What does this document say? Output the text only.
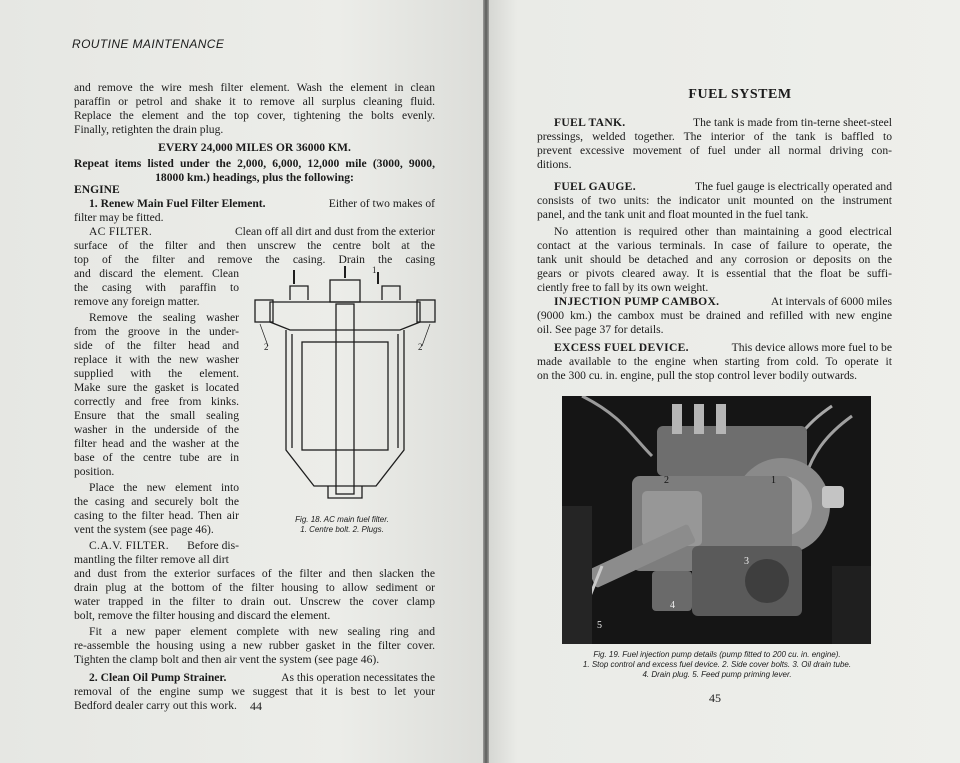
ROUTINE MAINTENANCE

and remove the wire mesh filter element. Wash the element in clean

paraffin or petrol and shake it to remove all surplus cleaning fluid.

Replace the element and the top cover, tightening the bolts evenly.

Finally, retighten the drain plug.

EVERY 24,000 MILES OR 36000 KM.

Repeat items listed under the 2,000, 6,000, 12,000 mile (3000, 9000,

18000 km.) headings, plus the following:

ENGINE

1. Renew Main Fuel Filter Element.	Either of two makes of

filter may be fitted.

AC FILTER.	Clean off all dirt and dust from the exterior

surface of the filter and then unscrew the centre bolt at the

top of the filter and remove the casing. Drain the casing

and discard the element. Clean

the casing with paraffin to

remove any foreign matter.

Remove the sealing washer

from the groove in the under-

side of the filter head and

replace it with the new washer

supplied with the element.

Make sure the gasket is located

correctly and free from kinks.

Ensure that the small sealing

washer in the underside of the

filter head and the washer at the

base of the centre tube are in

position.

Place the new element into

the casing and securely bolt the

casing to the filter head. Then air

vent the system (see page 46).

C.A.V. FILTER. Before dis-

mantling the filter remove all dirt

and dust from the exterior surfaces of the filter and then slacken the

drain plug at the bottom of the filter housing to allow sediment or

water trapped in the filter to drain out. Unscrew the cover clamp

bolt, remove the filter housing and discard the element.

Fit a new paper element complete with new sealing ring and

re-assemble the housing using a new rubber gasket in the filter cover.

Tighten the clamp bolt and then air vent the system (see page 46).

2. Clean Oil Pump Strainer.	As this operation necessitates the

removal of the engine sump we suggest that it is best to let your

Bedford dealer carry out this work.

1
2	2
Fig. 18. AC main fuel filter.
1. Centre bolt. 2. Plugs.
44

FUEL SYSTEM

FUEL TANK.	The tank is made from tin-terne sheet-steel

pressings, welded together. The interior of the tank is baffled to

prevent excessive movement of fuel under all normal driving con-

ditions.

FUEL GAUGE.	The fuel gauge is electrically operated and

consists of two units: the indicator unit mounted on the instrument

panel, and the tank unit and float mounted in the fuel tank.

No attention is required other than maintaining a good electrical

contact at the various terminals. In case of failure to operate, the

tank unit should be detached and any corrosion or deposits on the

gears or pivots cleared away. It is essential that the float be suffi-

ciently free to fall by its own weight.

INJECTION PUMP CAMBOX.	At intervals of 6000 miles

(9000 km.) the cambox must be drained and refilled with new engine

oil. See page 37 for details.

EXCESS FUEL DEVICE.	This device allows more fuel to be

made available to the engine when starting from cold. To operate it

on the 300 cu. in. engine, pull the stop control lever bodily outwards.

1
2
3
4
5
Fig. 19. Fuel injection pump details (pump fitted to 200 cu. in. engine).
1. Stop control and excess fuel device. 2. Side cover bolts. 3. Oil drain tube.
4. Drain plug. 5. Feed pump priming lever.
45
